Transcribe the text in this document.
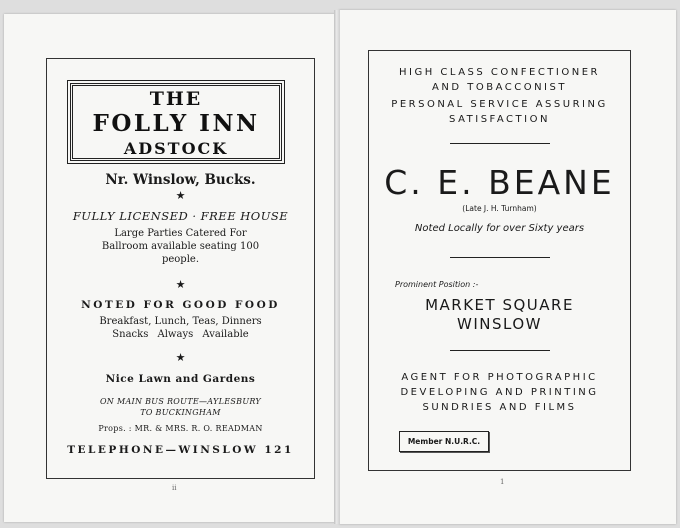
THE
FOLLY INN
ADSTOCK
Nr. Winslow, Bucks.
★
FULLY LICENSED · FREE HOUSE
Large Parties Catered For
Ballroom available seating 100
people.
★
NOTED FOR GOOD FOOD
Breakfast, Lunch, Teas, Dinners
Snacks Always Available
★
Nice Lawn and Gardens
ON MAIN BUS ROUTE—AYLESBURY
TO BUCKINGHAM
Props. : MR. & MRS. R. O. READMAN
TELEPHONE—WINSLOW 121
ii
HIGH CLASS CONFECTIONER
AND TOBACCONIST
PERSONAL SERVICE ASSURING
SATISFACTION
C. E. BEANE
(Late J. H. Turnham)
Noted Locally for over Sixty years
Prominent Position :-
MARKET SQUARE
WINSLOW
AGENT FOR PHOTOGRAPHIC
DEVELOPING AND PRINTING
SUNDRIES AND FILMS
Member N.U.R.C.
1
